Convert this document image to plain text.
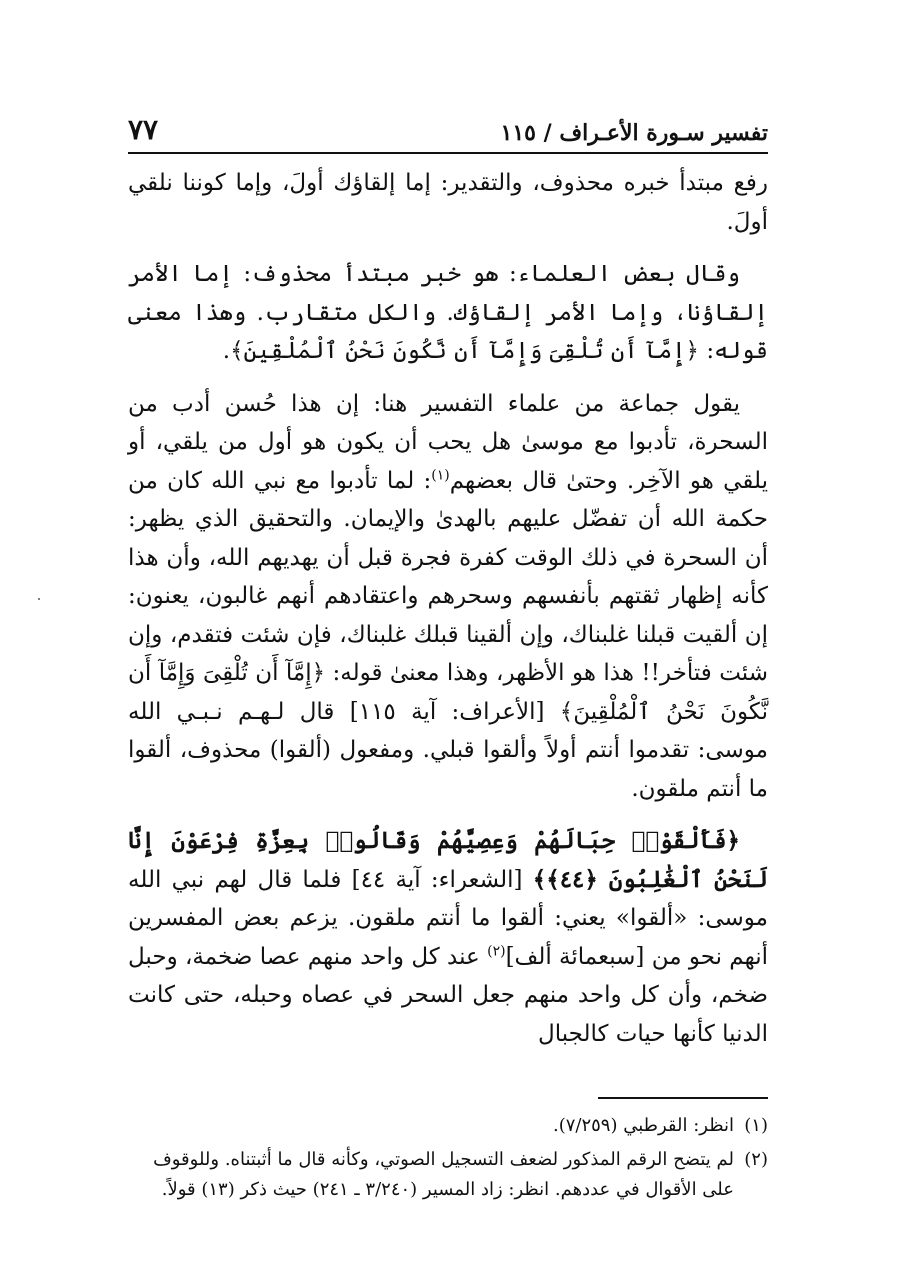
تفسير سـورة الأعـراف / ١١٥
٧٧

رفع مبتدأ خبره محذوف، والتقدير: إما إلقاؤك أولَ، وإما كوننا نلقي أولَ.

وقال بعض العلماء: هو خبر مبتدأ محذوف: إما الأمر إلقاؤنا، وإما الأمر إلقاؤك. والكل متقارب. وهذا معنى قوله: ﴿إِمَّآ أَن تُلْقِىَ وَإِمَّآ أَن نَّكُونَ نَحْنُ ٱلْمُلْقِينَ﴾.

يقول جماعة من علماء التفسير هنا: إن هذا حُسن أدب من السحرة، تأدبوا مع موسىٰ هل يحب أن يكون هو أول من يلقي، أو يلقي هو الآخِر. وحتىٰ قال بعضهم$^{(١)}$: لما تأدبوا مع نبي الله كان من حكمة الله أن تفضّل عليهم بالهدىٰ والإيمان. والتحقيق الذي يظهر: أن السحرة في ذلك الوقت كفرة فجرة قبل أن يهديهم الله، وأن هذا كأنه إظهار ثقتهم بأنفسهم وسحرهم واعتقادهم أنهم غالبون، يعنون: إن ألقيت قبلنا غلبناك، وإن ألقينا قبلك غلبناك، فإن شئت فتقدم، وإن شئت فتأخر!! هذا هو الأظهر، وهذا معنىٰ قوله: ﴿إِمَّآ أَن تُلْقِىَ وَإِمَّآ أَن نَّكُونَ نَحْنُ ٱلْمُلْقِينَ﴾ [الأعراف: آية ١١٥] قال لـهـم نـبـي الله موسى: تقدموا أنتم أولاً وألقوا قبلي. ومفعول (ألقوا) محذوف، ألقوا ما أنتم ملقون.

﴿فَأَلْقَوْا۟ حِبَالَهُمْ وَعِصِيَّهُمْ وَقَالُوا۟ بِعِزَّةِ فِرْعَوْنَ إِنَّا لَنَحْنُ ٱلْغَٰلِبُونَ ﴿٤٤﴾﴾ [الشعراء: آية ٤٤] فلما قال لهم نبي الله موسى: «ألقوا» يعني: ألقوا ما أنتم ملقون. يزعم بعض المفسرين أنهم نحو من [سبعمائة ألف]$^{(٢)}$ عند كل واحد منهم عصا ضخمة، وحبل ضخم، وأن كل واحد منهم جعل السحر في عصاه وحبله، حتى كانت الدنيا كأنها حيات كالجبال

(١)
انظر: القرطبي (٧/٢٥٩).
(٢)
لم يتضح الرقم المذكور لضعف التسجيل الصوتي، وكأنه قال ما أثبتناه. وللوقوف على الأقوال في عددهم. انظر: زاد المسير (٣/٢٤٠ ـ ٢٤١) حيث ذكر (١٣) قولاً.
